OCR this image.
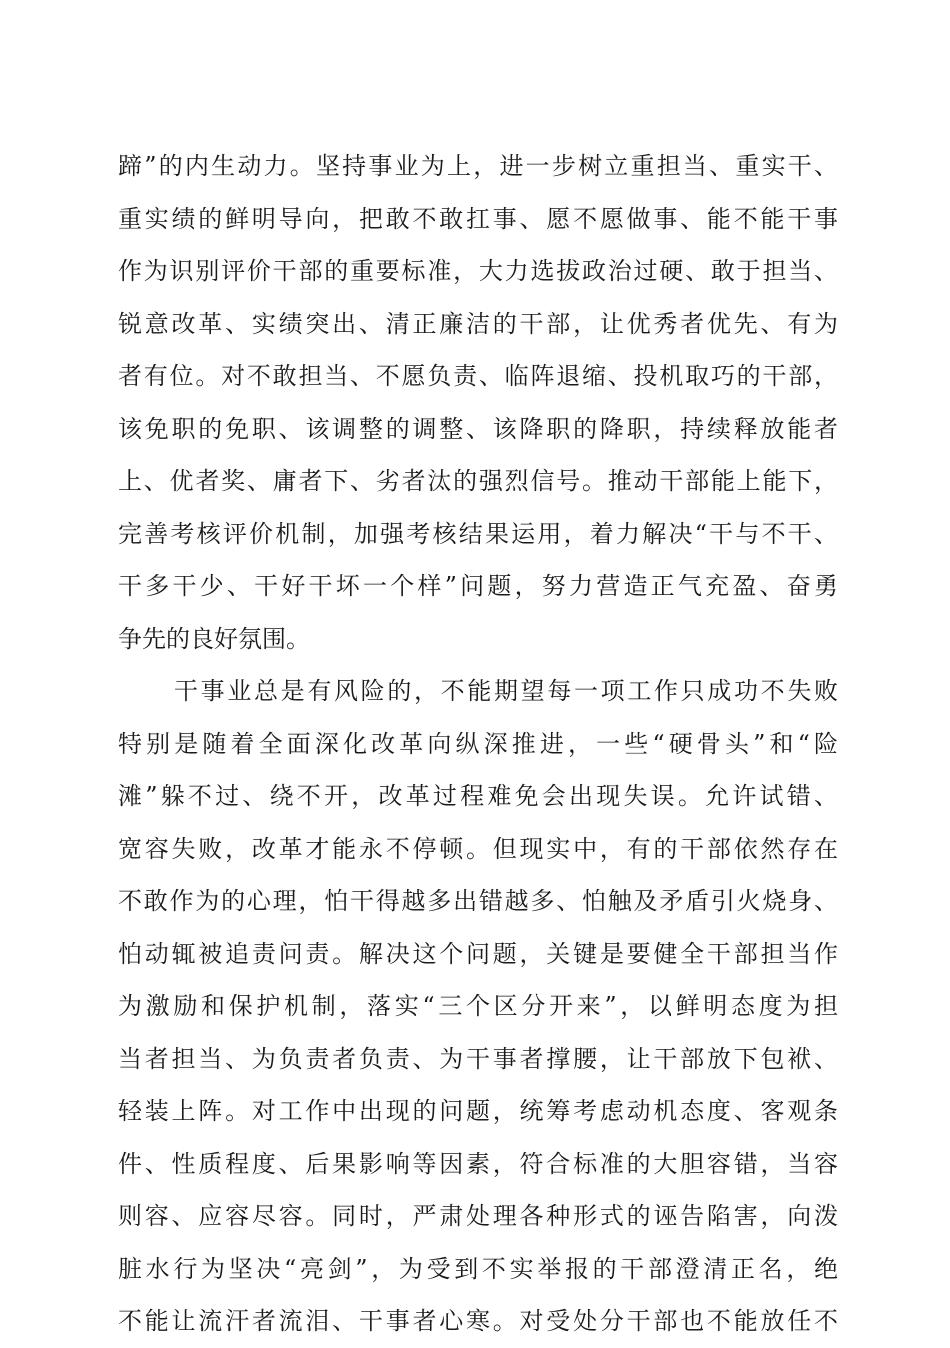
蹄”的内生动力。坚持事业为上，进一步树立重担当、重实干、
重实绩的鲜明导向，把敢不敢扛事、愿不愿做事、能不能干事
作为识别评价干部的重要标准，大力选拔政治过硬、敢于担当、
锐意改革、实绩突出、清正廉洁的干部，让优秀者优先、有为
者有位。对不敢担当、不愿负责、临阵退缩、投机取巧的干部，
该免职的免职、该调整的调整、该降职的降职，持续释放能者
上、优者奖、庸者下、劣者汰的强烈信号。推动干部能上能下，
完善考核评价机制，加强考核结果运用，着力解决“干与不干、
干多干少、干好干坏一个样”问题，努力营造正气充盈、奋勇
争先的良好氛围。
干事业总是有风险的，不能期望每一项工作只成功不失败
特别是随着全面深化改革向纵深推进，一些“硬骨头”和“险
滩”躲不过、绕不开，改革过程难免会出现失误。允许试错、
宽容失败，改革才能永不停顿。但现实中，有的干部依然存在
不敢作为的心理，怕干得越多出错越多、怕触及矛盾引火烧身、
怕动辄被追责问责。解决这个问题，关键是要健全干部担当作
为激励和保护机制，落实“三个区分开来”，以鲜明态度为担
当者担当、为负责者负责、为干事者撑腰，让干部放下包袱、
轻装上阵。对工作中出现的问题，统筹考虑动机态度、客观条
件、性质程度、后果影响等因素，符合标准的大胆容错，当容
则容、应容尽容。同时，严肃处理各种形式的诬告陷害，向泼
脏水行为坚决“亮剑”，为受到不实举报的干部澄清正名，绝
不能让流汗者流泪、干事者心寒。对受处分干部也不能放任不
